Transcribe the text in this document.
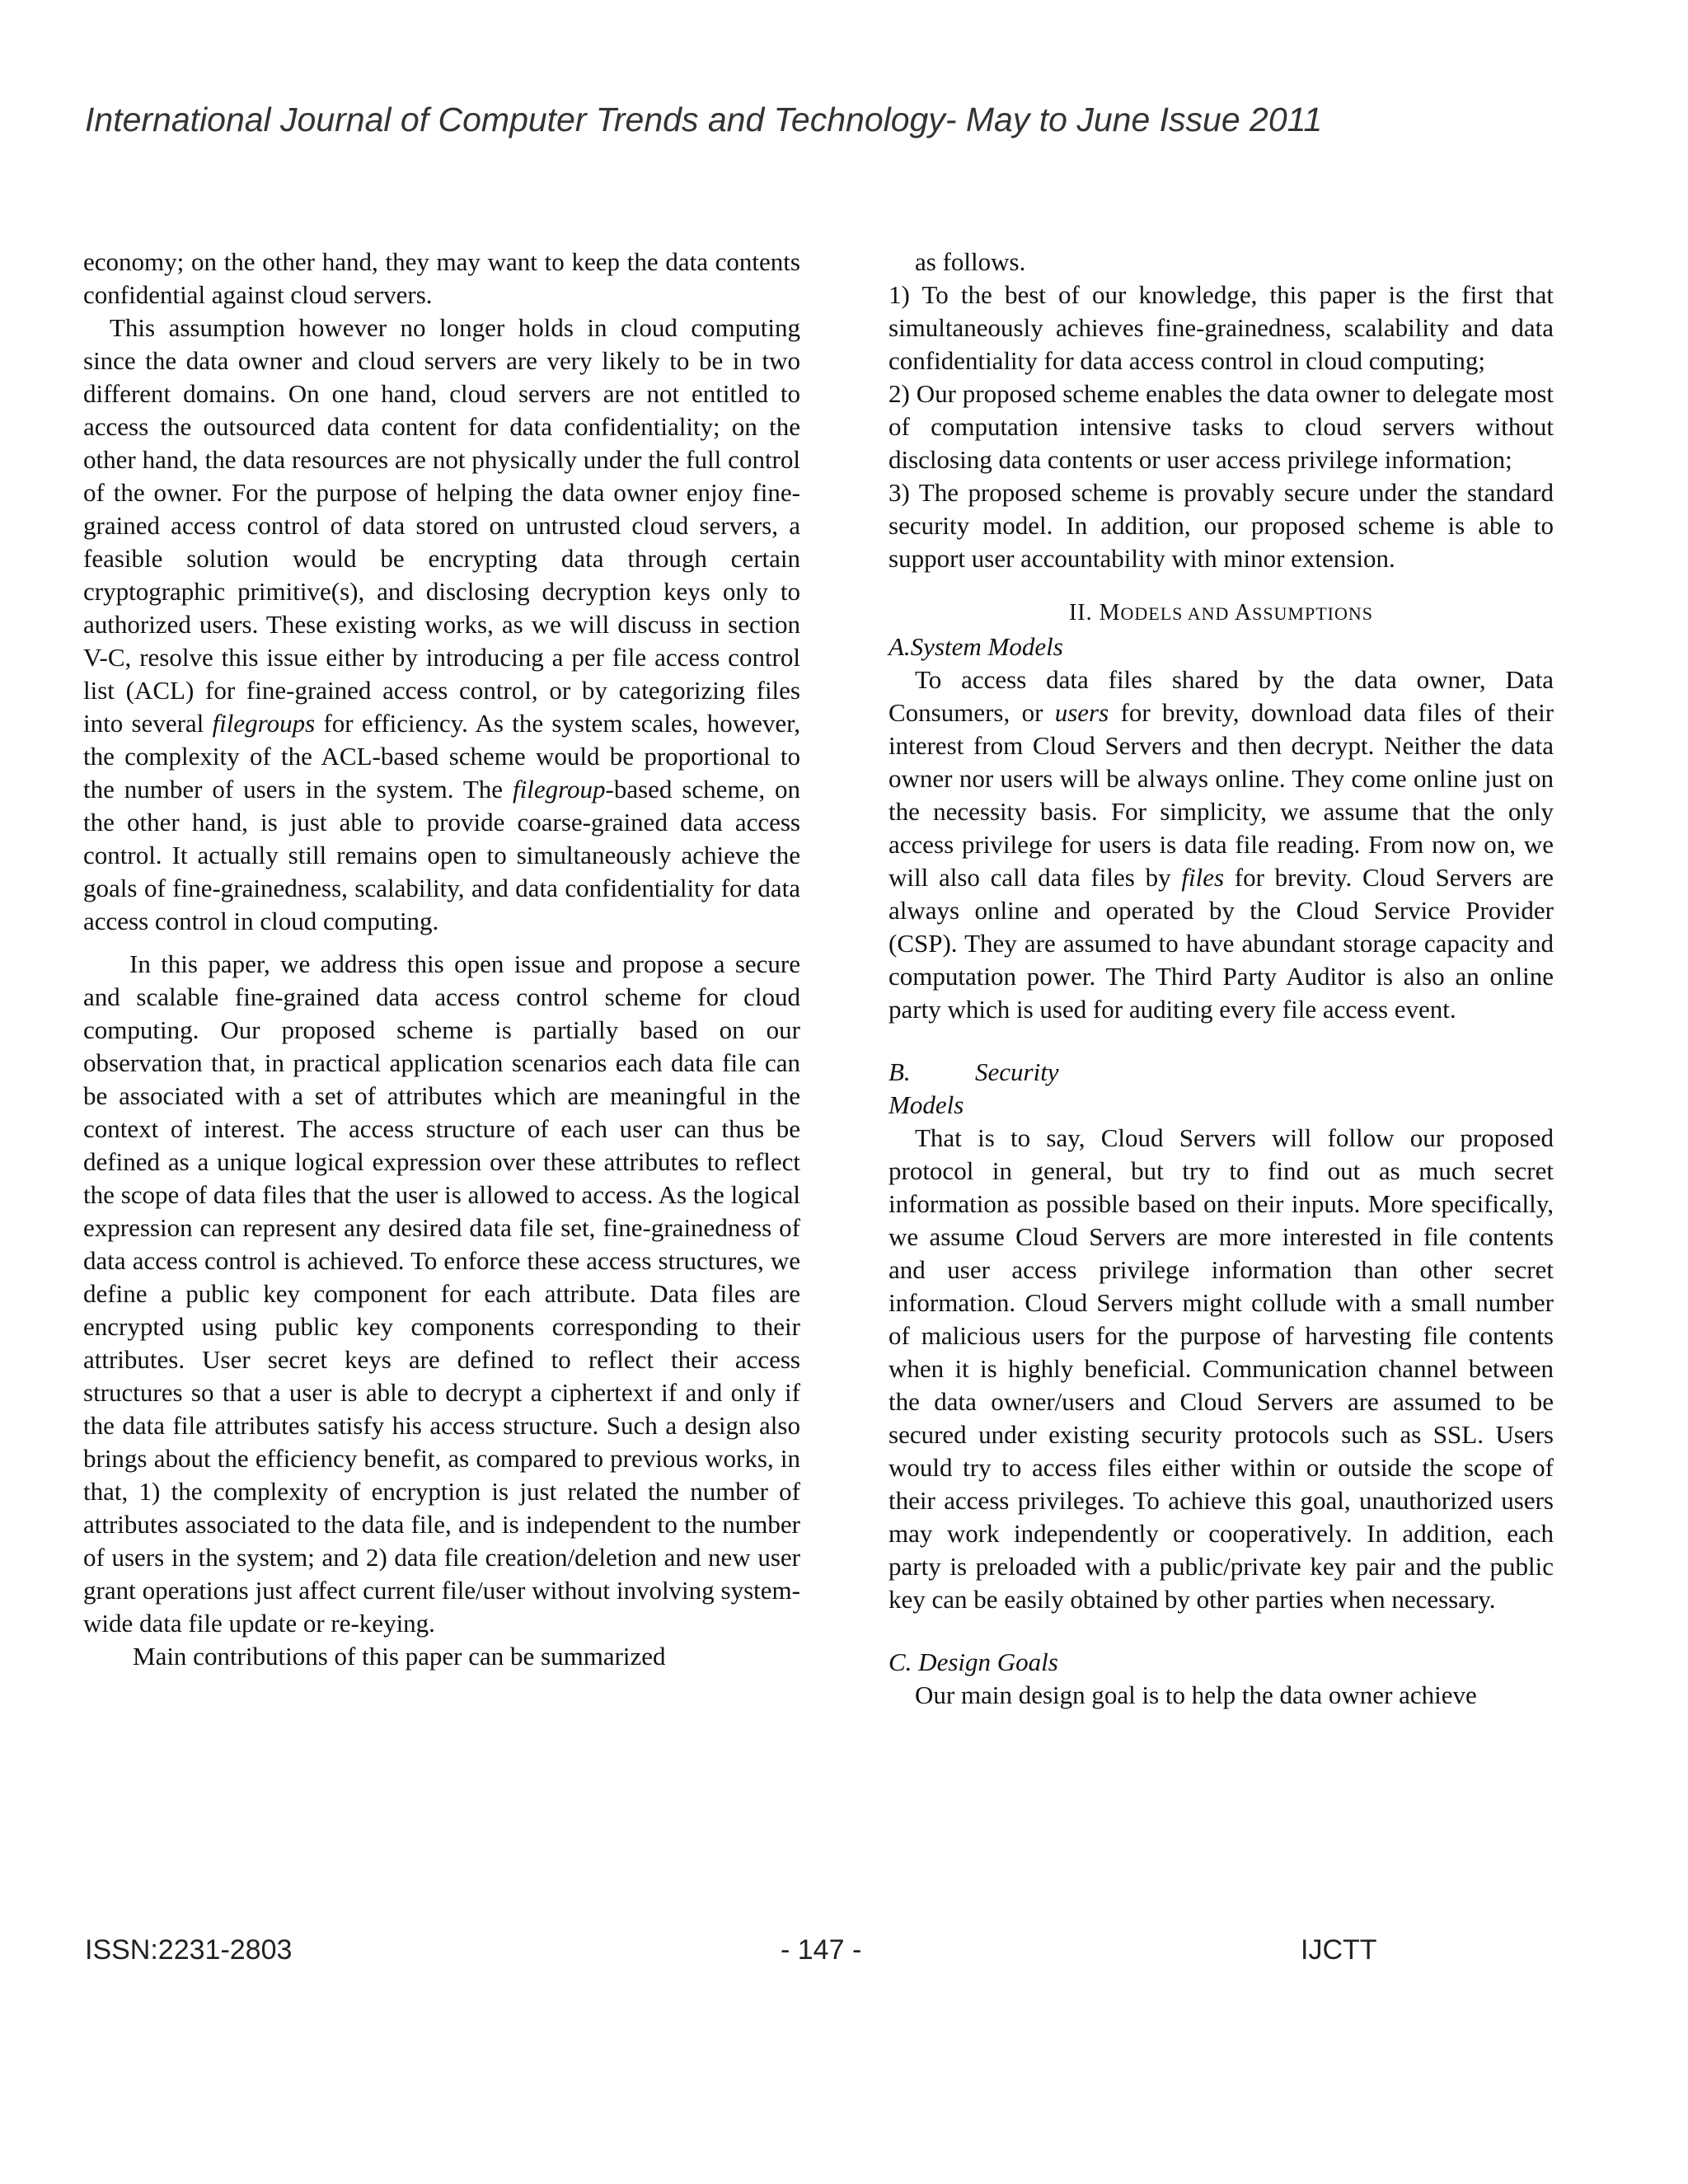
International Journal of Computer Trends and Technology- May to June Issue 2011

economy; on the other hand, they may want to keep the data contents confidential against cloud servers.

This assumption however no longer holds in cloud computing since the data owner and cloud servers are very likely to be in two different domains. On one hand, cloud servers are not entitled to access the outsourced data content for data confidentiality; on the other hand, the data resources are not physically under the full control of the owner. For the purpose of helping the data owner enjoy fine-grained access control of data stored on untrusted cloud servers, a feasible solution would be encrypting data through certain cryptographic primitive(s), and disclosing decryption keys only to authorized users. These existing works, as we will discuss in section V-C, resolve this issue either by introducing a per file access control list (ACL) for fine-grained access control, or by categorizing files into several filegroups for efficiency. As the system scales, however, the complexity of the ACL-based scheme would be proportional to the number of users in the system. The filegroup-based scheme, on the other hand, is just able to provide coarse-grained data access control. It actually still remains open to simultaneously achieve the goals of fine-grainedness, scalability, and data confidentiality for data access control in cloud computing.

In this paper, we address this open issue and propose a secure and scalable fine-grained data access control scheme for cloud computing. Our proposed scheme is partially based on our observation that, in practical application scenarios each data file can be associated with a set of attributes which are meaningful in the context of interest. The access structure of each user can thus be defined as a unique logical expression over these attributes to reflect the scope of data files that the user is allowed to access. As the logical expression can represent any desired data file set, fine-grainedness of data access control is achieved. To enforce these access structures, we define a public key component for each attribute. Data files are encrypted using public key components corresponding to their attributes. User secret keys are defined to reflect their access structures so that a user is able to decrypt a ciphertext if and only if the data file attributes satisfy his access structure. Such a design also brings about the efficiency benefit, as compared to previous works, in that, 1) the complexity of encryption is just related the number of attributes associated to the data file, and is independent to the number of users in the system; and 2) data file creation/deletion and new user grant operations just affect current file/user without involving system-wide data file update or re-keying.

Main contributions of this paper can be summarized

as follows.

1) To the best of our knowledge, this paper is the first that simultaneously achieves fine-grainedness, scalability and data confidentiality for data access control in cloud computing;

2) Our proposed scheme enables the data owner to delegate most of computation intensive tasks to cloud servers without disclosing data contents or user access privilege information;

3) The proposed scheme is provably secure under the standard security model. In addition, our proposed scheme is able to support user accountability with minor extension.

II. MODELS AND ASSUMPTIONS

A.System Models

To access data files shared by the data owner, Data Consumers, or users for brevity, download data files of their interest from Cloud Servers and then decrypt. Neither the data owner nor users will be always online. They come online just on the necessity basis. For simplicity, we assume that the only access privilege for users is data file reading. From now on, we will also call data files by files for brevity. Cloud Servers are always online and operated by the Cloud Service Provider (CSP). They are assumed to have abundant storage capacity and computation power. The Third Party Auditor is also an online party which is used for auditing every file access event.

B.	Security
Models

That is to say, Cloud Servers will follow our proposed protocol in general, but try to find out as much secret information as possible based on their inputs. More specifically, we assume Cloud Servers are more interested in file contents and user access privilege information than other secret information. Cloud Servers might collude with a small number of malicious users for the purpose of harvesting file contents when it is highly beneficial. Communication channel between the data owner/users and Cloud Servers are assumed to be secured under existing security protocols such as SSL. Users would try to access files either within or outside the scope of their access privileges. To achieve this goal, unauthorized users may work independently or cooperatively. In addition, each party is preloaded with a public/private key pair and the public key can be easily obtained by other parties when necessary.

C. Design Goals

Our main design goal is to help the data owner achieve

ISSN:2231-2803	- 147 -	IJCTT
